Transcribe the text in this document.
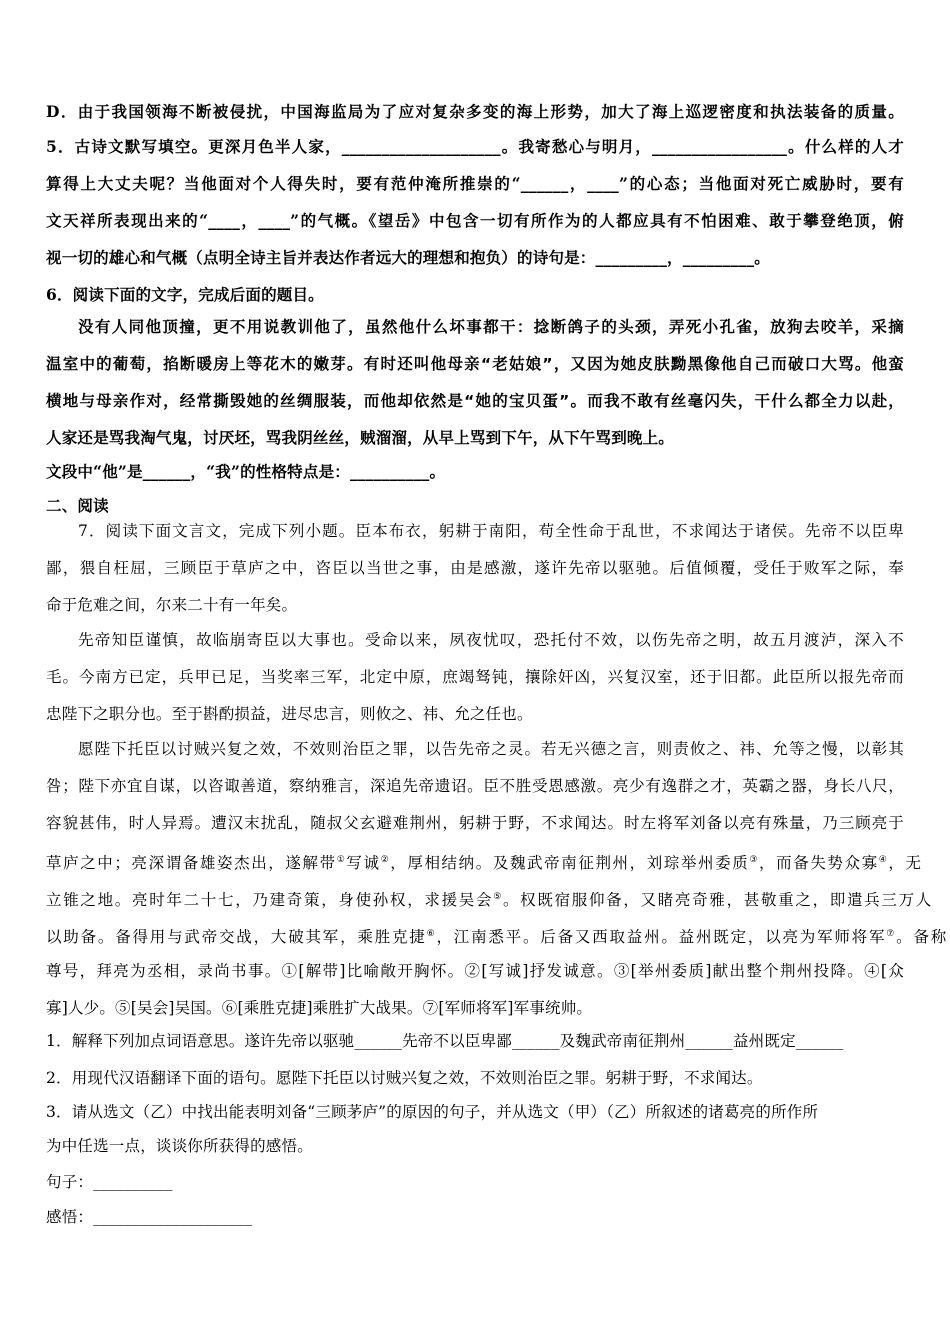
D．由于我国领海不断被侵扰，中国海监局为了应对复杂多变的海上形势，加大了海上巡逻密度和执法装备的质量。
5．古诗文默写填空。更深月色半人家，____________________。我寄愁心与明月，_________________。什么样的人才
算得上大丈夫呢？当他面对个人得失时，要有范仲淹所推崇的“______，____”的心态；当他面对死亡威胁时，要有
文天祥所表现出来的“____，____”的气概。《望岳》中包含一切有所作为的人都应具有不怕困难、敢于攀登绝顶，俯
视一切的雄心和气概（点明全诗主旨并表达作者远大的理想和抱负）的诗句是：_________，_________。
6．阅读下面的文字，完成后面的题目。
没有人同他顶撞，更不用说教训他了，虽然他什么坏事都干：捻断鸽子的头颈，弄死小孔雀，放狗去咬羊，采摘
温室中的葡萄，掐断暖房上等花木的嫩芽。有时还叫他母亲“老姑娘”，又因为她皮肤黝黑像他自己而破口大骂。他蛮
横地与母亲作对，经常撕毁她的丝绸服装，而他却依然是“她的宝贝蛋”。而我不敢有丝毫闪失，干什么都全力以赴，
人家还是骂我淘气鬼，讨厌坯，骂我阴丝丝，贼溜溜，从早上骂到下午，从下午骂到晚上。
文段中“他”是______，“我”的性格特点是：__________。
二、阅读
7．阅读下面文言文，完成下列小题。臣本布衣，躬耕于南阳，苟全性命于乱世，不求闻达于诸侯。先帝不以臣卑
鄙，猥自枉屈，三顾臣于草庐之中，咨臣以当世之事，由是感激，遂许先帝以驱驰。后值倾覆，受任于败军之际，奉
命于危难之间，尔来二十有一年矣。
先帝知臣谨慎，故临崩寄臣以大事也。受命以来，夙夜忧叹，恐托付不效，以伤先帝之明，故五月渡泸，深入不
毛。今南方已定，兵甲已足，当奖率三军，北定中原，庶竭驽钝，攘除奸凶，兴复汉室，还于旧都。此臣所以报先帝而
忠陛下之职分也。至于斟酌损益，进尽忠言，则攸之、祎、允之任也。
愿陛下托臣以讨贼兴复之效，不效则治臣之罪，以告先帝之灵。若无兴德之言，则责攸之、祎、允等之慢，以彰其
咎；陛下亦宜自谋，以咨诹善道，察纳雅言，深追先帝遗诏。臣不胜受恩感激。亮少有逸群之才，英霸之器，身长八尺，
容貌甚伟，时人异焉。遭汉末扰乱，随叔父玄避难荆州，躬耕于野，不求闻达。时左将军刘备以亮有殊量，乃三顾亮于
草庐之中；亮深谓备雄姿杰出，遂解带①写诚②，厚相结纳。及魏武帝南征荆州，刘琮举州委质③，而备失势众寡④，无
立锥之地。亮时年二十七，乃建奇策，身使孙权，求援吴会⑤。权既宿服仰备，又睹亮奇雅，甚敬重之，即遣兵三万人
以助备。备得用与武帝交战，大破其军，乘胜克捷⑥，江南悉平。后备又西取益州。益州既定，以亮为军师将军⑦。备称
尊号，拜亮为丞相，录尚书事。①[解带]比喻敞开胸怀。②[写诚]抒发诚意。③[举州委质]献出整个荆州投降。④[众
寡]人少。⑤[吴会]吴国。⑥[乘胜克捷]乘胜扩大战果。⑦[军师将军]军事统帅。
1．解释下列加点词语意思。遂许先帝以驱驰______先帝不以臣卑鄙______及魏武帝南征荆州______益州既定______
2．用现代汉语翻译下面的语句。愿陛下托臣以讨贼兴复之效，不效则治臣之罪。躬耕于野，不求闻达。
3．请从选文（乙）中找出能表明刘备“三顾茅庐”的原因的句子，并从选文（甲）（乙）所叙述的诸葛亮的所作所
为中任选一点，谈谈你所获得的感悟。
句子：__________
感悟：____________________
